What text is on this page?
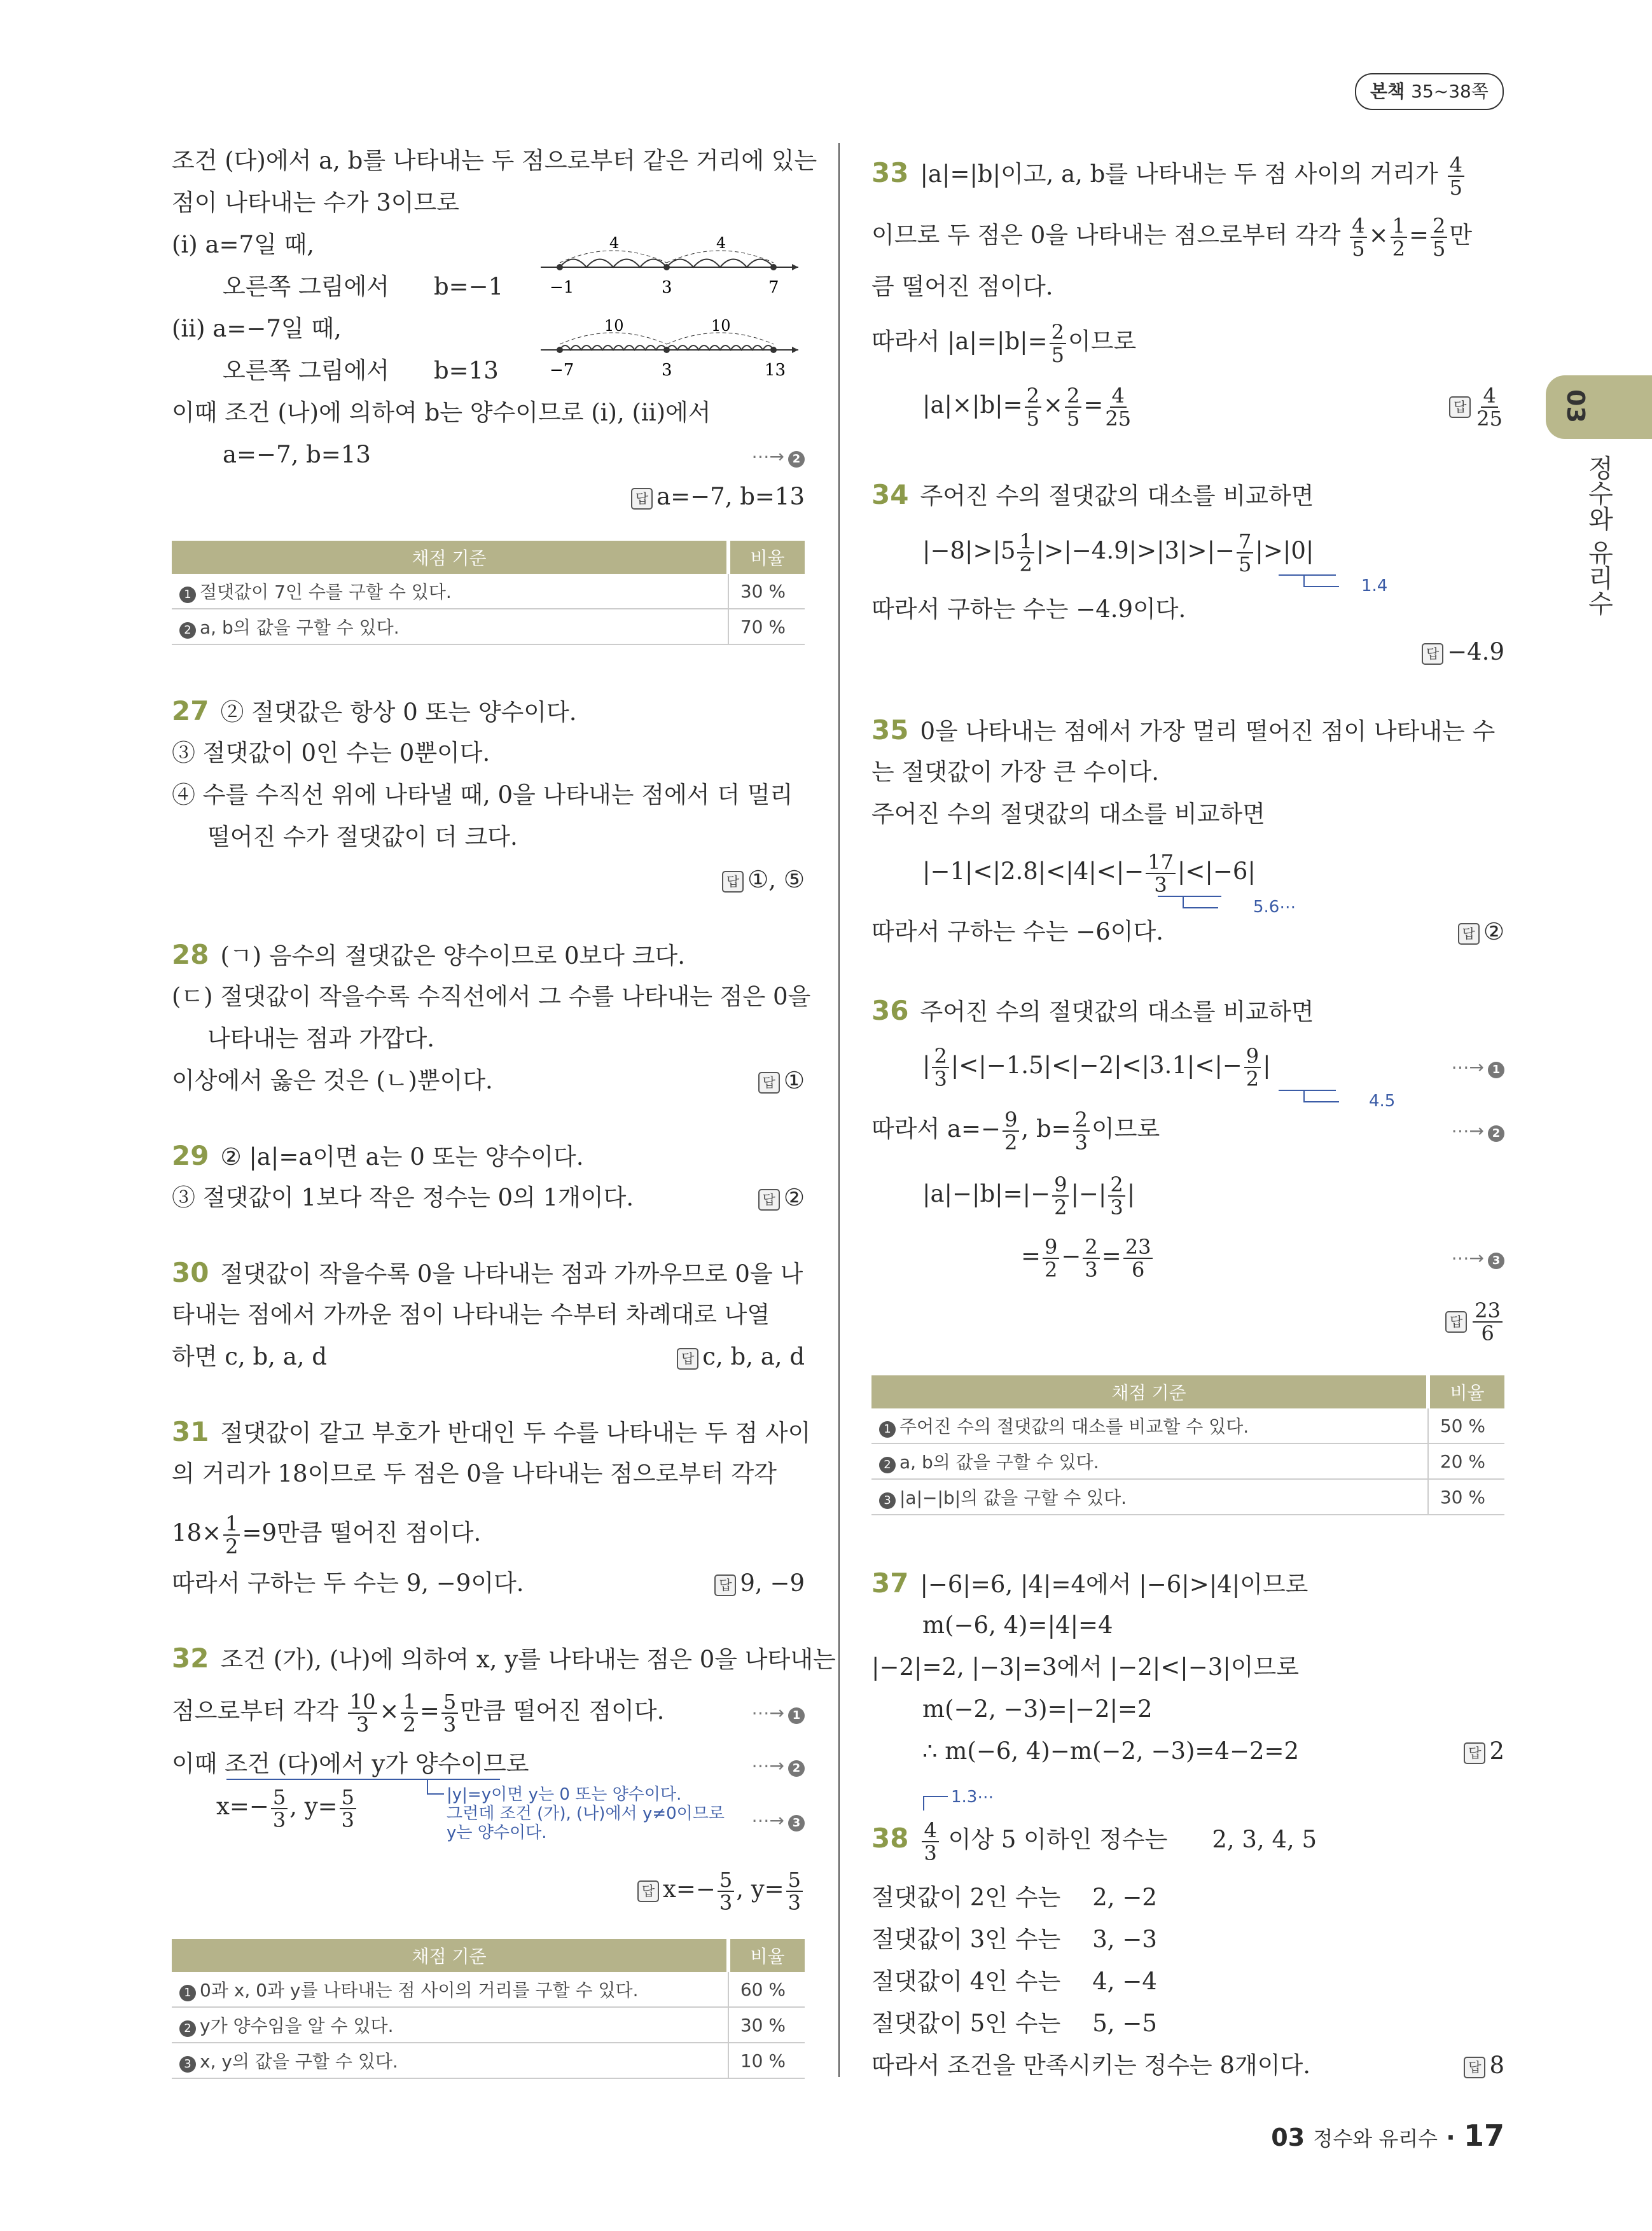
본책 35~38쪽
03
정수와 유리수
조건 (다)에서 a, b를 나타내는 두 점으로부터 같은 거리에 있는
점이 나타내는 수가 3이므로
(i) a=7일 때,
오른쪽 그림에서 b=−1
(ii) a=−7일 때,
오른쪽 그림에서 b=13
4	4
−1	3	7
10	10
−7	3	13
이때 조건 (나)에 의하여 b는 양수이므로 (i), (ii)에서
a=−7, b=13	⋯→ 2
답 a=−7, b=13
채점 기준	비율
1 절댓값이 7인 수를 구할 수 있다.	30 %
2 a, b의 값을 구할 수 있다.	70 %
27 ② 절댓값은 항상 0 또는 양수이다.
③ 절댓값이 0인 수는 0뿐이다.
④ 수를 수직선 위에 나타낼 때, 0을 나타내는 점에서 더 멀리
떨어진 수가 절댓값이 더 크다.
답 ①, ⑤
28 (ㄱ) 음수의 절댓값은 양수이므로 0보다 크다.
(ㄷ) 절댓값이 작을수록 수직선에서 그 수를 나타내는 점은 0을
나타내는 점과 가깝다.
이상에서 옳은 것은 (ㄴ)뿐이다.	답 ①
29 ② |a|=a이면 a는 0 또는 양수이다.
③ 절댓값이 1보다 작은 정수는 0의 1개이다.	답 ②
30 절댓값이 작을수록 0을 나타내는 점과 가까우므로 0을 나
타내는 점에서 가까운 점이 나타내는 수부터 차례대로 나열
하면 c, b, a, d	답 c, b, a, d
31 절댓값이 같고 부호가 반대인 두 수를 나타내는 두 점 사이
의 거리가 18이므로 두 점은 0을 나타내는 점으로부터 각각
$18\times \frac{1}{2} =9$만큼 떨어진 점이다.
따라서 구하는 두 수는 9, −9이다.	답 9, −9
32 조건 (가), (나)에 의하여 x, y를 나타내는 점은 0을 나타내는
점으로부터 각각 $\frac{10}{3} \times \frac{1}{2} = \frac{5}{3}$ 만큼 떨어진 점이다.	⋯→ 1
이때 조건 (다)에서 y가 양수이므로	⋯→ 2
$x=- \frac{5}{3}$ , $y= \frac{5}{3}$	|y|=y이면 y는 0 또는 양수이다.
그런데 조건 (가), (나)에서 y≠0이므로
y는 양수이다.
⋯→ 3
답 $x=- \frac{5}{3}$ , $y= \frac{5}{3}$
채점 기준	비율
1 0과 x, 0과 y를 나타내는 점 사이의 거리를 구할 수 있다.	60 %
2 y가 양수임을 알 수 있다.	30 %
3 x, y의 값을 구할 수 있다.	10 %
33 |a|=|b|이고, a, b를 나타내는 두 점 사이의 거리가 $\frac{4}{5}$
이므로 두 점은 0을 나타내는 점으로부터 각각 $\frac{4}{5} \times \frac{1}{2} = \frac{2}{5}$ 만
큼 떨어진 점이다.
따라서 $|a|=|b|= \frac{2}{5}$ 이므로
$|a|\times|b|= \frac{2}{5} \times \frac{2}{5} = \frac{4}{25}$	답 $\frac{4}{25}$
34 주어진 수의 절댓값의 대소를 비교하면
$|-8|>|5 \frac{1}{2} |>|-4.9|>|3|>|- \frac{7}{5} |>|0|$
1.4
따라서 구하는 수는 −4.9이다.
답 −4.9
35 0을 나타내는 점에서 가장 멀리 떨어진 점이 나타내는 수
는 절댓값이 가장 큰 수이다.
주어진 수의 절댓값의 대소를 비교하면
$|-1|<|2.8|<|4|<|- \frac{17}{3} |<|-6|$
5.6⋯
따라서 구하는 수는 −6이다.	답 ②
36 주어진 수의 절댓값의 대소를 비교하면
| $\frac{2}{3} |<|-1.5|<|-2|<|3.1|<|- \frac{9}{2}$ |
4.5
⋯→ 1
따라서 $a=- \frac{9}{2}$ , $b= \frac{2}{3}$ 이므로	⋯→ 2
$|a|-|b|=|- \frac{9}{2}$ |−| $\frac{2}{3}$ |
= $\frac{9}{2} - \frac{2}{3} = \frac{23}{6}$	⋯→ 3
답 $\frac{23}{6}$
채점 기준	비율
1 주어진 수의 절댓값의 대소를 비교할 수 있다.	50 %
2 a, b의 값을 구할 수 있다.	20 %
3 |a|−|b|의 값을 구할 수 있다.	30 %
37 |−6|=6, |4|=4에서 |−6|>|4|이므로
m(−6, 4)=|4|=4
|−2|=2, |−3|=3에서 |−2|<|−3|이므로
m(−2, −3)=|−2|=2
∴ m(−6, 4)−m(−2, −3)=4−2=2	답 2
1.3⋯
$38 \frac{4}{3}$ 이상 5 이하인 정수는 2, 3, 4, 5
절댓값이 2인 수는 2, −2
절댓값이 3인 수는 3, −3
절댓값이 4인 수는 4, −4
절댓값이 5인 수는 5, −5
따라서 조건을 만족시키는 정수는 8개이다.	답 8
03 정수와 유리수 · 17
